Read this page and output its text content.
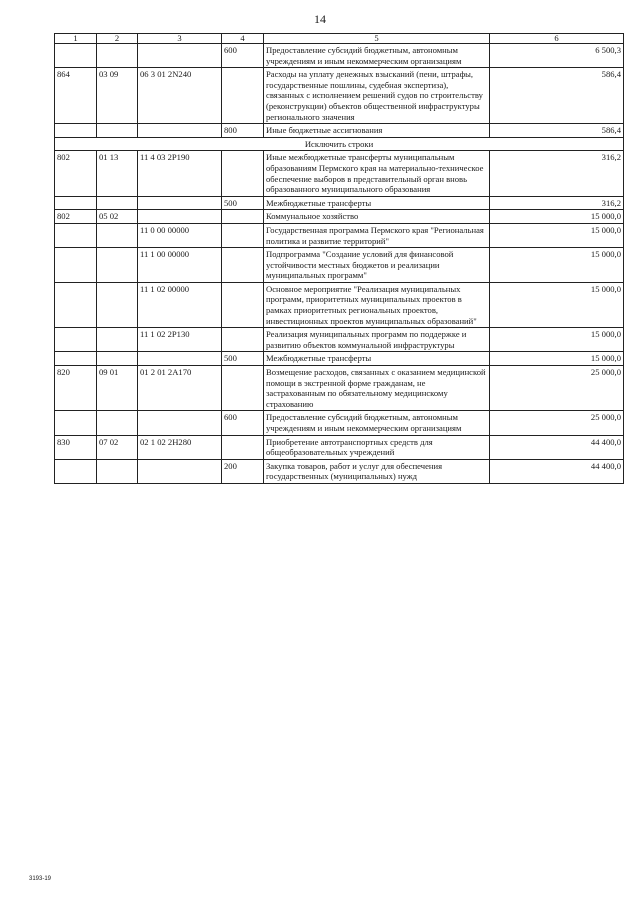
14
1	2	3	4	5	6
			600	Предоставление субсидий бюджетным, автономным учреждениям и иным некоммерческим организациям	6 500,3
864	03 09	06 3 01 2N240		Расходы на уплату денежных взысканий (пени, штрафы, государственные пошлины, судебная экспертиза), связанных с исполнением решений судов по строительству (реконструкции) объектов общественной инфраструктуры регионального значения	586,4
			800	Иные бюджетные ассигнования	586,4
Исключить строки					
802	01 13	11 4 03 2P190		Иные межбюджетные трансферты муниципальным образованиям Пермского края на материально-техническое обеспечение выборов в представительный орган вновь образованного муниципального образования	316,2
			500	Межбюджетные трансферты	316,2
802	05 02			Коммунальное хозяйство	15 000,0
		11 0 00 00000		Государственная программа Пермского края "Региональная политика и развитие территорий"	15 000,0
		11 1 00 00000		Подпрограмма "Создание условий для финансовой устойчивости местных бюджетов и реализации муниципальных программ"	15 000,0
		11 1 02 00000		Основное мероприятие "Реализация муниципальных программ, приоритетных муниципальных проектов в рамках приоритетных региональных проектов, инвестиционных проектов муниципальных образований"	15 000,0
		11 1 02 2P130		Реализация муниципальных программ по поддержке и развитию объектов коммунальной инфраструктуры	15 000,0
			500	Межбюджетные трансферты	15 000,0
820	09 01	01 2 01 2A170		Возмещение расходов, связанных с оказанием медицинской помощи в экстренной форме гражданам, не застрахованным по обязательному медицинскому страхованию	25 000,0
			600	Предоставление субсидий бюджетным, автономным учреждениям и иным некоммерческим организациям	25 000,0
830	07 02	02 1 02 2H280		Приобретение автотранспортных средств для общеобразовательных учреждений	44 400,0
			200	Закупка товаров, работ и услуг для обеспечения государственных (муниципальных) нужд	44 400,0
3193-19
